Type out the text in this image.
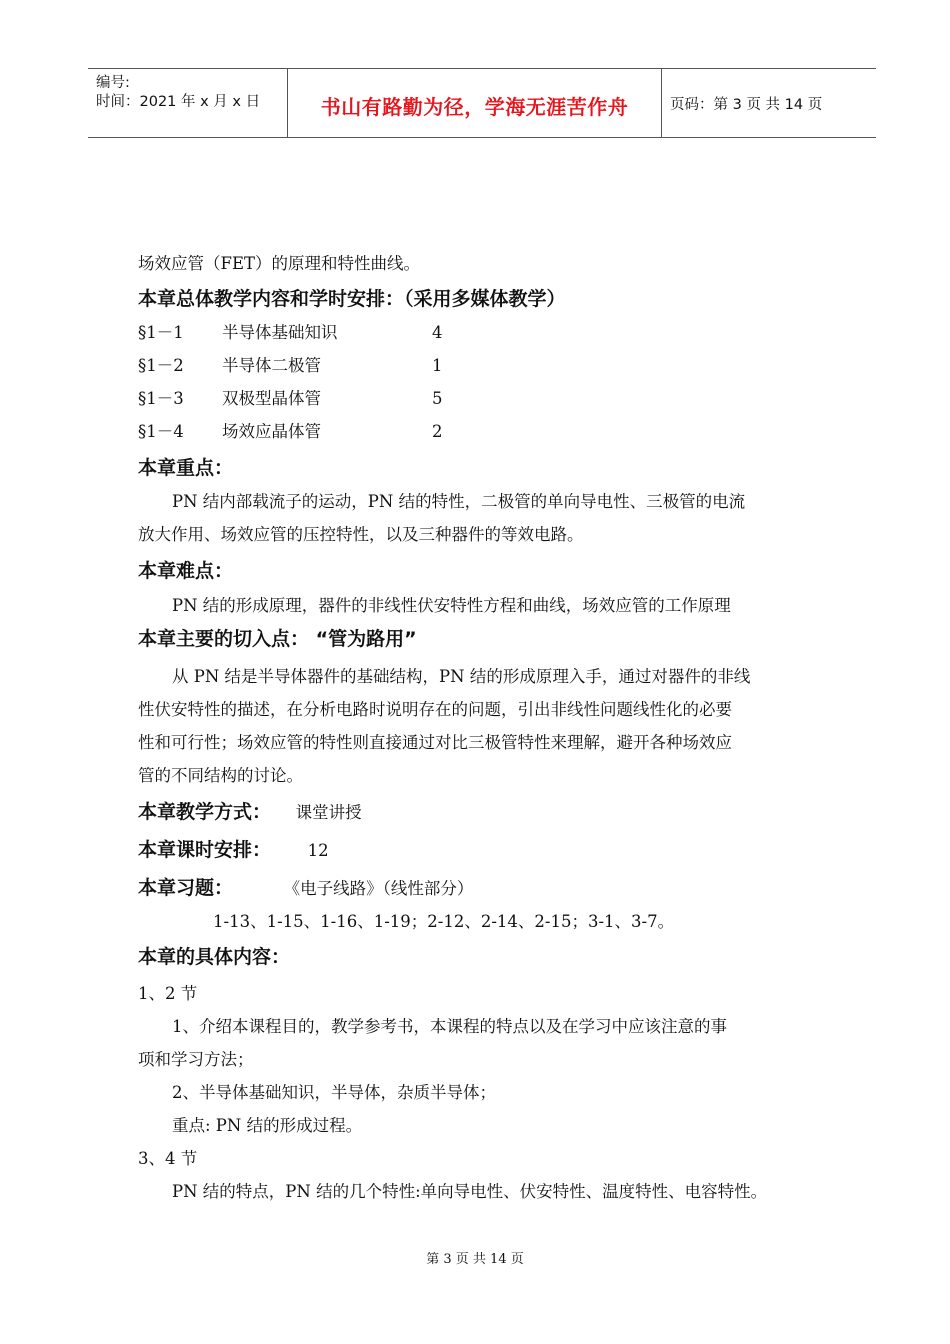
编号:
时间：2021 年 x 月 x 日	书山有路勤为径，学海无涯苦作舟	页码：第 3 页 共 14 页
场效应管（FET）的原理和特性曲线。
本章总体教学内容和学时安排：（采用多媒体教学）
§1－1 半导体基础知识	4
§1－2 半导体二极管	1
§1－3 双极型晶体管	5
§1－4 场效应晶体管	2
本章重点：
PN 结内部载流子的运动，PN 结的特性，二极管的单向导电性、三极管的电流
放大作用、场效应管的压控特性，以及三种器件的等效电路。
本章难点：
PN 结的形成原理，器件的非线性伏安特性方程和曲线，场效应管的工作原理
本章主要的切入点： “管为路用”
从 PN 结是半导体器件的基础结构，PN 结的形成原理入手，通过对器件的非线
性伏安特性的描述，在分析电路时说明存在的问题，引出非线性问题线性化的必要
性和可行性；场效应管的特性则直接通过对比三极管特性来理解，避开各种场效应
管的不同结构的讨论。
本章教学方式： 课堂讲授
本章课时安排： 12
本章习题：	《电子线路》（线性部分）
1-13、1-15、1-16、1-19；2-12、2-14、2-15；3-1、3-7。
本章的具体内容：
1、2 节
1、介绍本课程目的，教学参考书，本课程的特点以及在学习中应该注意的事
项和学习方法；
2、半导体基础知识，半导体，杂质半导体；
重点: PN 结的形成过程。
3、4 节
PN 结的特点，PN 结的几个特性:单向导电性、伏安特性、温度特性、电容特性。
第 3 页 共 14 页
